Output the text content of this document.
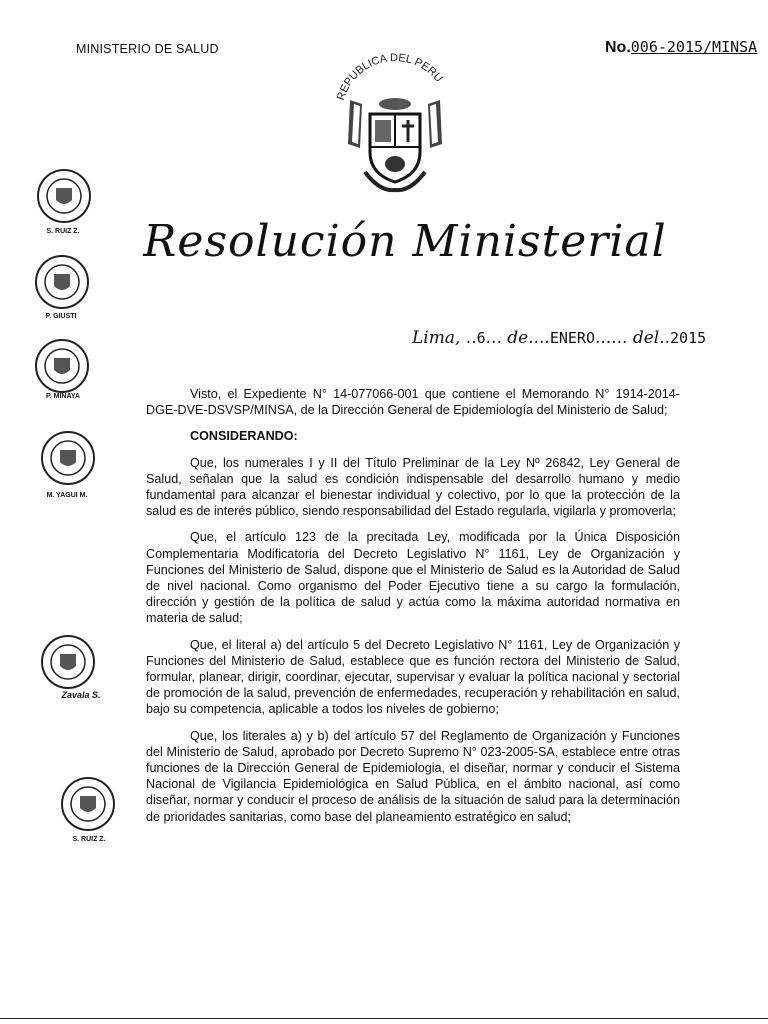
MINISTERIO DE SALUD	No.006-2015/MINSA
REPUBLICA DEL PERU
Resolución Ministerial
Lima, ..6... de....ENERO...... del..2015
S. RUIZ Z.
P. GIUSTI
P. MINAYA
M. YAGUI M.
Zavala S.
S. RUIZ Z.

Visto, el Expediente N° 14-077066-001 que contiene el Memorando N° 1914-2014-DGE-DVE-DSVSP/MINSA, de la Dirección General de Epidemiología del Ministerio de Salud;

CONSIDERANDO:

Que, los numerales I y II del Título Preliminar de la Ley Nº 26842, Ley General de Salud, señalan que la salud es condición indispensable del desarrollo humano y medio fundamental para alcanzar el bienestar individual y colectivo, por lo que la protección de la salud es de interés público, siendo responsabilidad del Estado regularla, vigilarla y promoverla;

Que, el artículo 123 de la precitada Ley, modificada por la Única Disposición Complementaria Modificatoria del Decreto Legislativo N° 1161, Ley de Organización y Funciones del Ministerio de Salud, dispone que el Ministerio de Salud es la Autoridad de Salud de nivel nacional. Como organismo del Poder Ejecutivo tiene a su cargo la formulación, dirección y gestión de la política de salud y actúa como la máxima autoridad normativa en materia de salud;

Que, el literal a) del artículo 5 del Decreto Legislativo N° 1161, Ley de Organización y Funciones del Ministerio de Salud, establece que es función rectora del Ministerio de Salud, formular, planear, dirigir, coordinar, ejecutar, supervisar y evaluar la política nacional y sectorial de promoción de la salud, prevención de enfermedades, recuperación y rehabilitación en salud, bajo su competencia, aplicable a todos los niveles de gobierno;

Que, los literales a) y b) del artículo 57 del Reglamento de Organización y Funciones del Ministerio de Salud, aprobado por Decreto Supremo N° 023-2005-SA, establece entre otras funciones de la Dirección General de Epidemiologia, el diseñar, normar y conducir el Sistema Nacional de Vigilancia Epidemiológica en Salud Pública, en el ámbito nacional, así como diseñar, normar y conducir el proceso de análisis de la situación de salud para la determinación de prioridades sanitarias, como base del planeamiento estratégico en salud;
